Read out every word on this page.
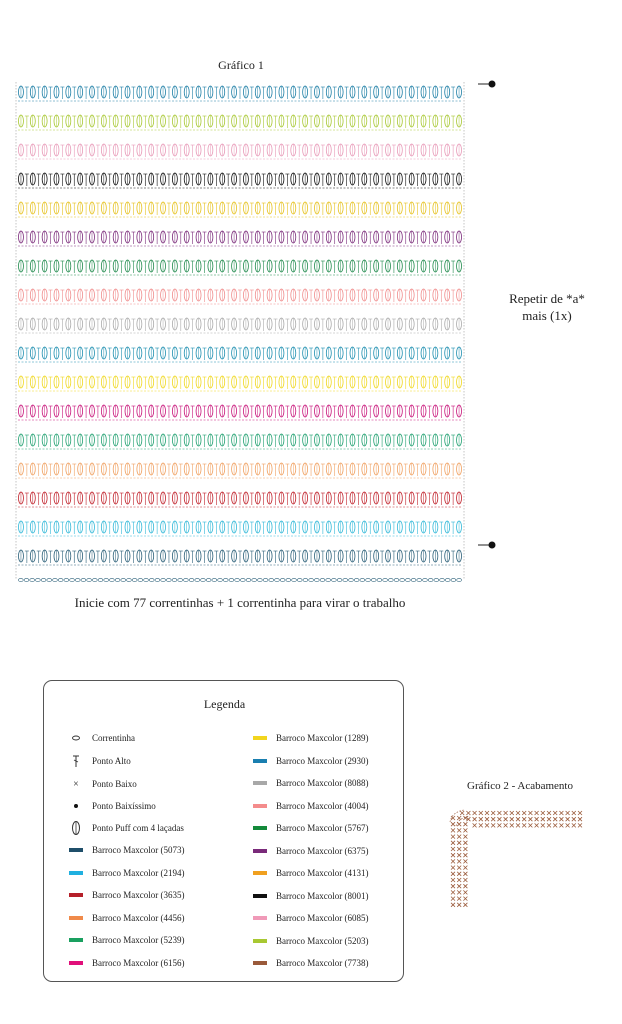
Gráfico 1
Repetir de *a*
mais (1x)
Inicie com 77 correntinhas + 1 correntinha para virar o trabalho
Legenda
Correntinha
Ponto Alto
×	Ponto Baixo
Ponto Baixíssimo
Ponto Puff com 4 laçadas
Barroco Maxcolor (5073)
Barroco Maxcolor (2194)
Barroco Maxcolor (3635)
Barroco Maxcolor (4456)
Barroco Maxcolor (5239)
Barroco Maxcolor (6156)
Barroco Maxcolor (1289)
Barroco Maxcolor (2930)
Barroco Maxcolor (8088)
Barroco Maxcolor (4004)
Barroco Maxcolor (5767)
Barroco Maxcolor (6375)
Barroco Maxcolor (4131)
Barroco Maxcolor (8001)
Barroco Maxcolor (6085)
Barroco Maxcolor (5203)
Barroco Maxcolor (7738)
Gráfico 2 - Acabamento
